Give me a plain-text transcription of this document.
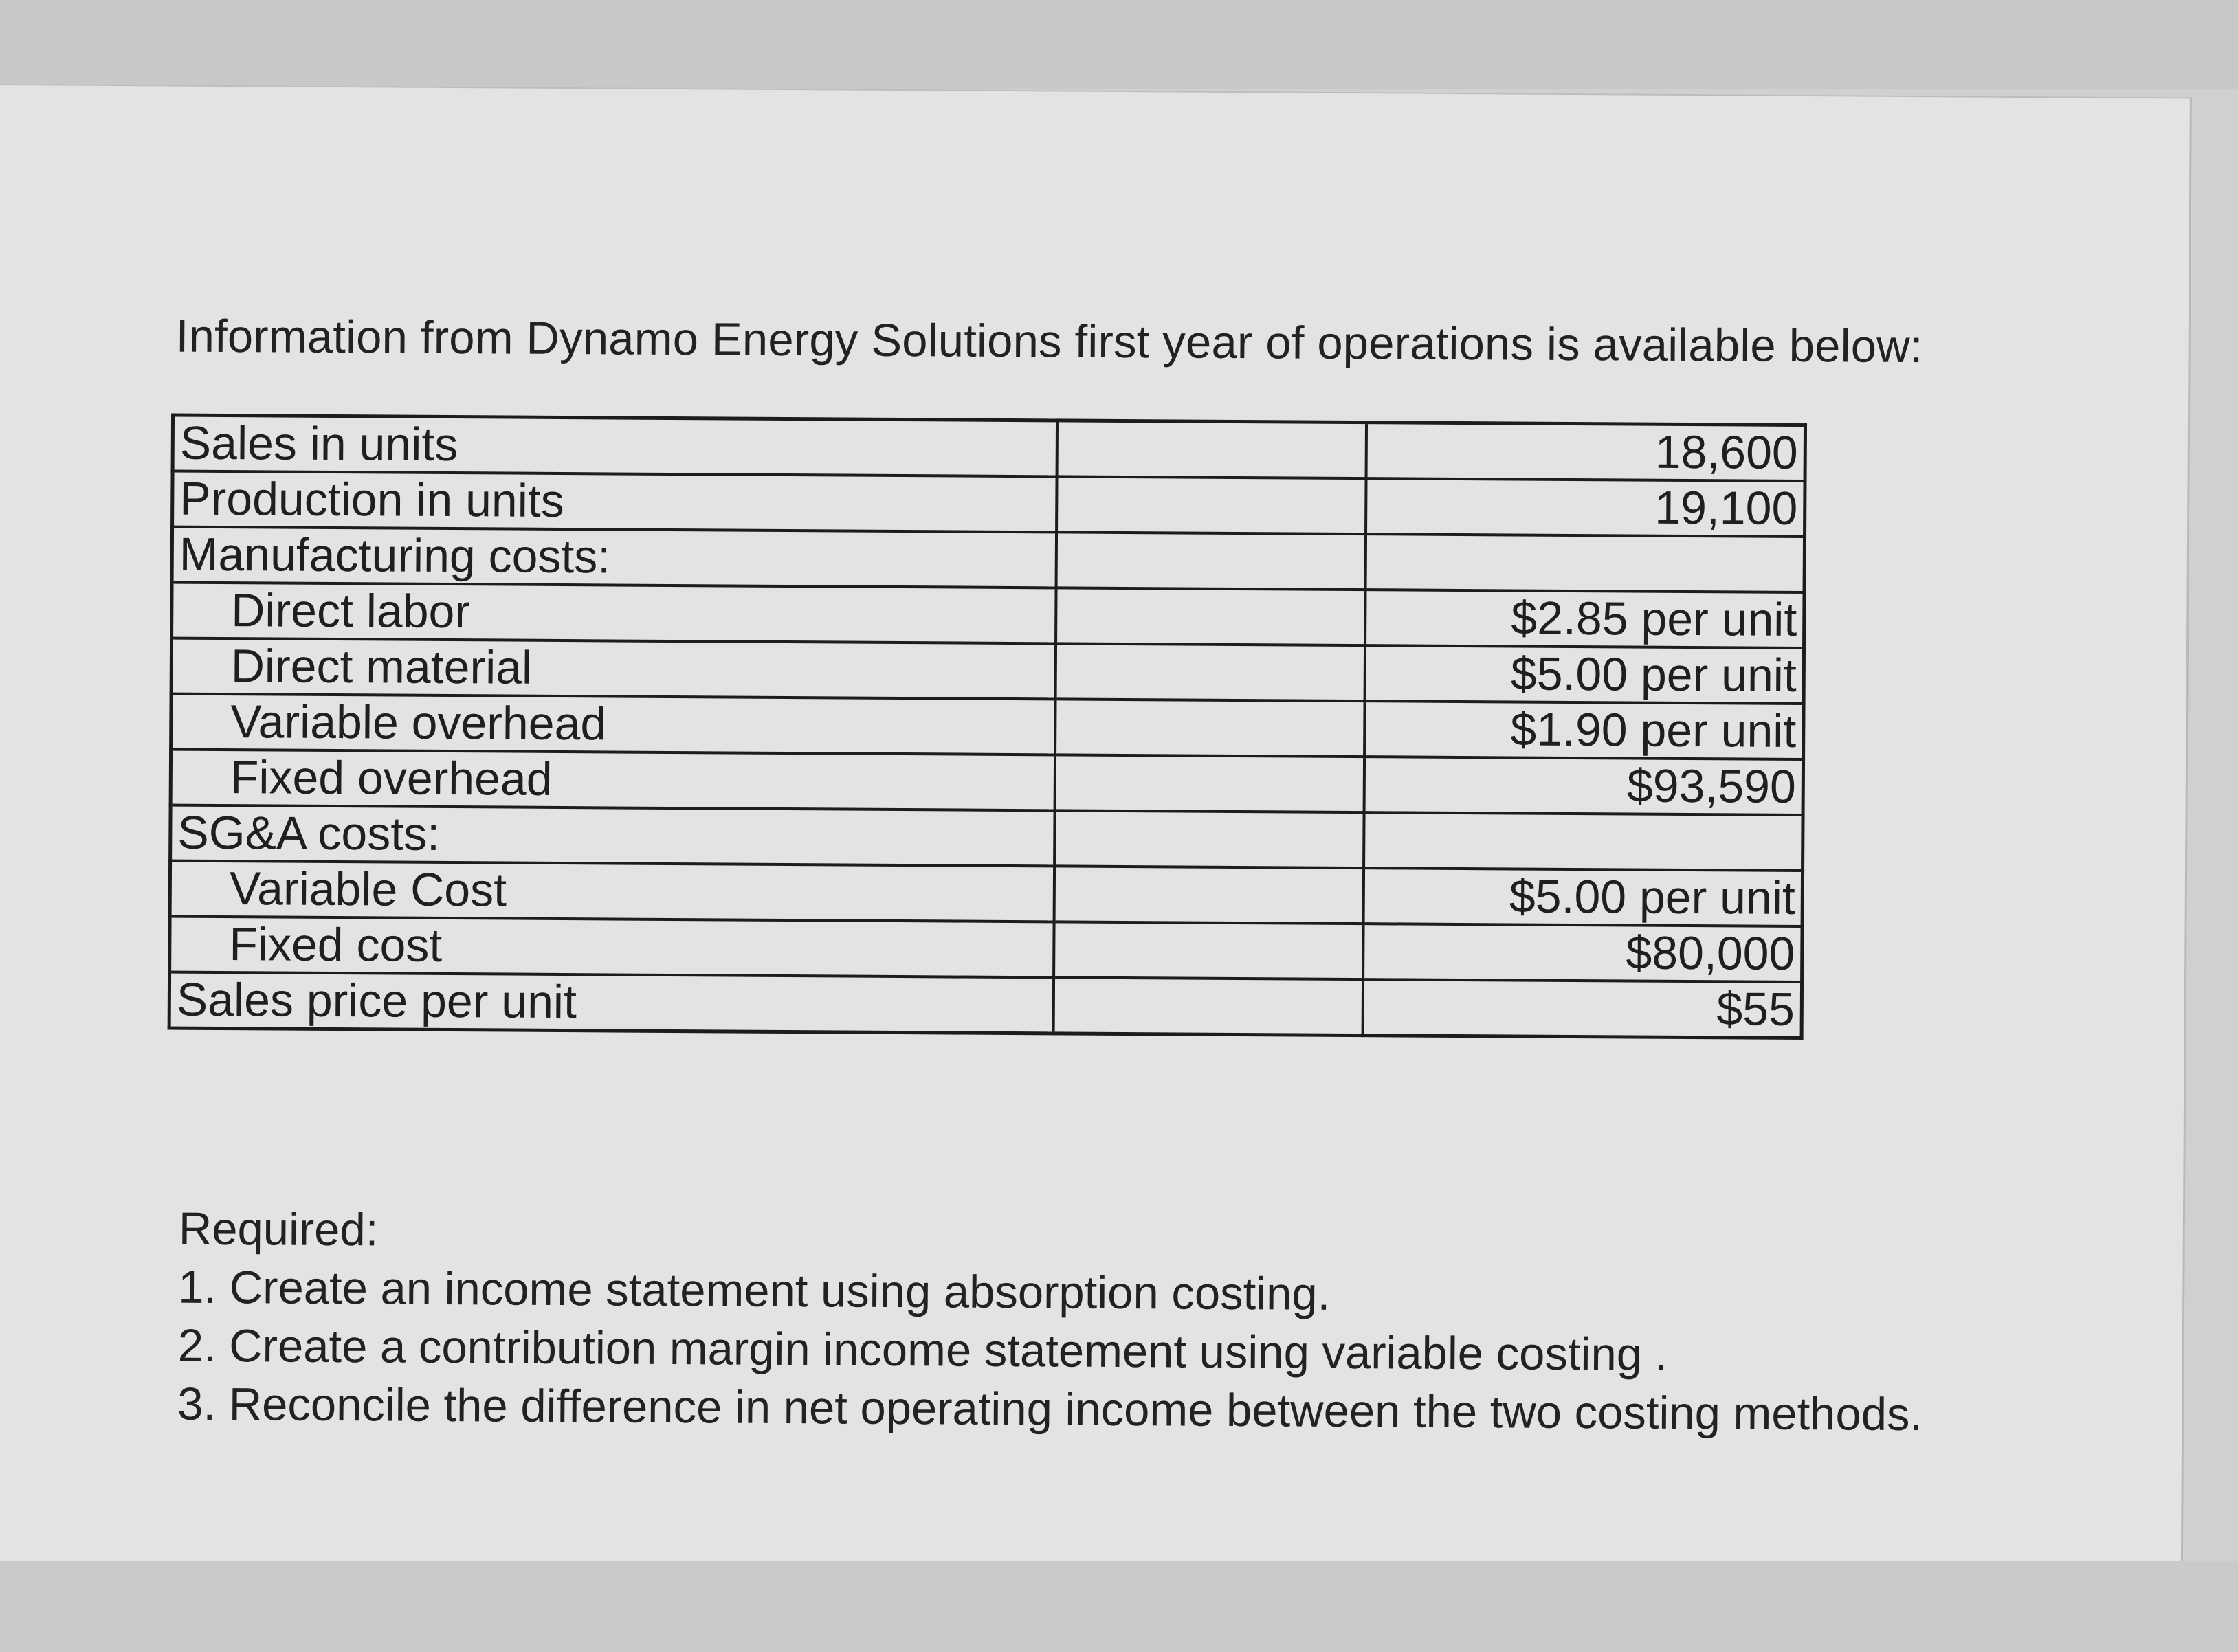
Information from Dynamo Energy Solutions first year of operations is available below:

Sales in units		18,600
Production in units		19,100
Manufacturing costs:		
Direct labor		$2.85 per unit
Direct material		$5.00 per unit
Variable overhead		$1.90 per unit
Fixed overhead		$93,590
SG&A costs:		
Variable Cost		$5.00 per unit
Fixed cost		$80,000
Sales price per unit		$55
Required:
1. Create an income statement using absorption costing.
2. Create a contribution margin income statement using variable costing .
3. Reconcile the difference in net operating income between the two costing methods.
